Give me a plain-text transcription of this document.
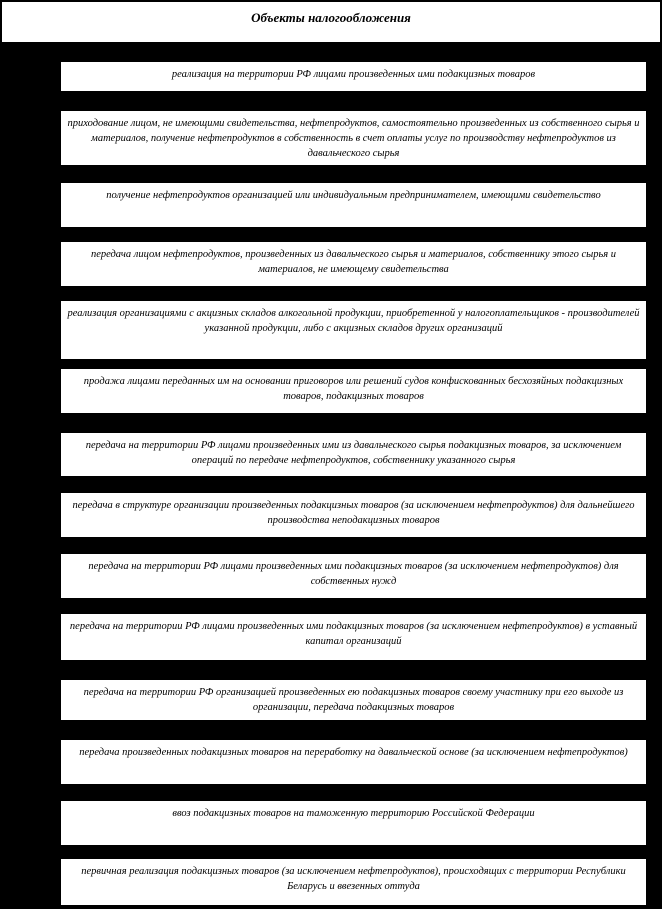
Объекты налогообложения
реализация на территории РФ лицами произведенных ими подакцизных товаров
приходование лицом, не имеющими свидетельства, нефтепродуктов, самостоятельно произведенных из собственного сырья и материалов, получение нефтепродуктов в собственность в счет оплаты услуг по производству нефтепродуктов из давальческого сырья
получение нефтепродуктов организацией или индивидуальным предпринимателем, имеющими свидетельство
передача лицом нефтепродуктов, произведенных из давальческого сырья и материалов, собственнику этого сырья и материалов, не имеющему свидетельства
реализация организациями с акцизных складов алкогольной продукции, приобретенной у налогоплательщиков - производителей указанной продукции, либо с акцизных складов других организаций
продажа лицами переданных им на основании приговоров или решений судов конфискованных бесхозяйных подакцизных товаров, подакцизных товаров
передача на территории РФ лицами произведенных ими из давальческого сырья подакцизных товаров, за исключением операций по передаче нефтепродуктов, собственнику указанного сырья
передача в структуре организации произведенных подакцизных товаров (за исключением нефтепродуктов) для дальнейшего производства неподакцизных товаров
передача на территории РФ лицами произведенных ими подакцизных товаров (за исключением нефтепродуктов) для собственных нужд
передача на территории РФ лицами произведенных ими подакцизных товаров (за исключением нефтепродуктов) в уставный капитал организаций
передача на территории РФ организацией произведенных ею подакцизных товаров своему участнику при его выходе из организации, передача подакцизных товаров
передача произведенных подакцизных товаров на переработку на давальческой основе (за исключением нефтепродуктов)
ввоз подакцизных товаров на таможенную территорию Российской Федерации
первичная реализация подакцизных товаров (за исключением нефтепродуктов), происходящих с территории Республики Беларусь и ввезенных оттуда
